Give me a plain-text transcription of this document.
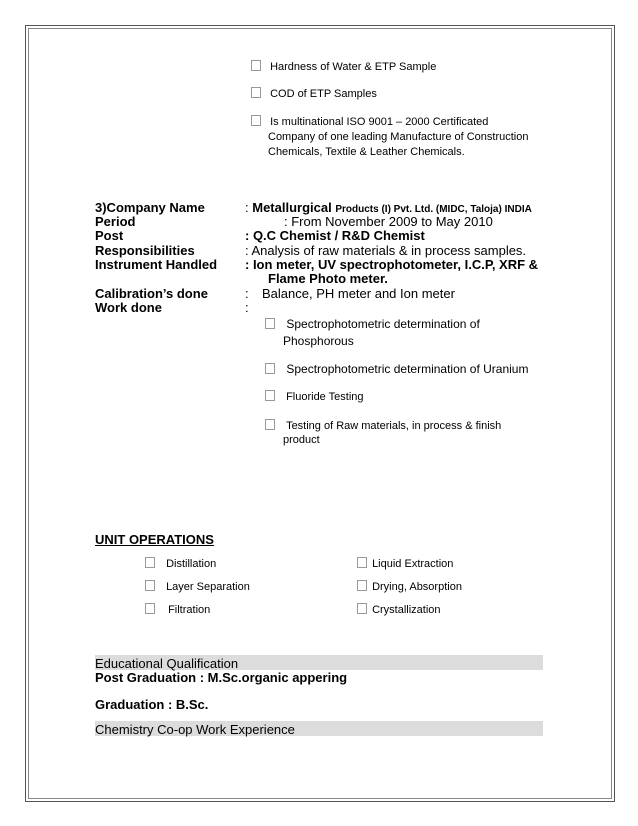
Hardness of Water & ETP Sample
COD of ETP Samples
Is multinational ISO 9001 – 2000 Certificated
Company of one leading Manufacture of Construction
Chemicals, Textile & Leather Chemicals.
3)Company Name
Period
Post
Responsibilities
Instrument Handled
Calibration’s done
Work done
: Metallurgical Products (I) Pvt. Ltd. (MIDC, Taloja) INDIA
: From November 2009 to May 2010
: Q.C Chemist / R&D Chemist
: Analysis of raw materials & in process samples.
: Ion meter, UV spectrophotometer, I.C.P, XRF &
Flame Photo meter.
: Balance, PH meter and Ion meter
:
Spectrophotometric determination of
Phosphorous
Spectrophotometric determination of Uranium
Fluoride Testing
Testing of Raw materials, in process & finish
product
UNIT OPERATIONS
Distillation
Layer Separation
Filtration
Liquid Extraction
Drying, Absorption
Crystallization
Educational Qualification
Post Graduation : M.Sc.organic appering
Graduation : B.Sc.
Chemistry Co-op Work Experience
